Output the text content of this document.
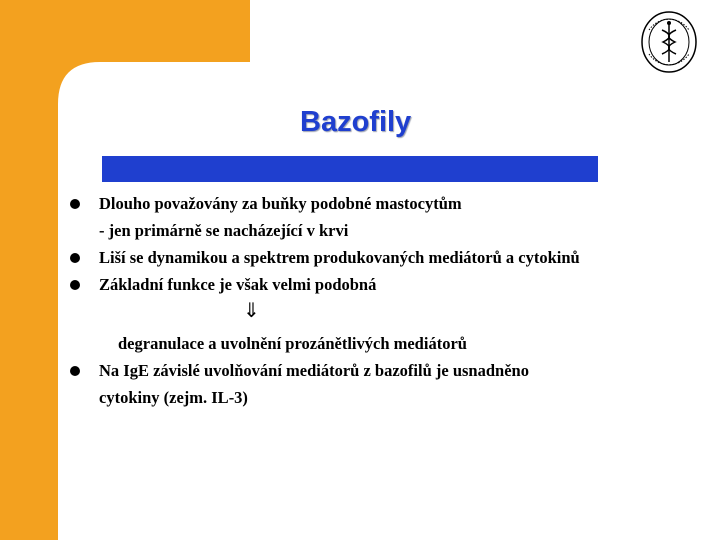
Bazofily
Dlouho považovány za buňky podobné mastocytům
- jen primárně se nacházející v krvi
Liší se dynamikou a spektrem produkovaných mediátorů a cytokinů
Základní funkce je však velmi podobná
⇓
degranulace a uvolnění prozánětlivých mediátorů
Na IgE závislé uvolňování mediátorů z bazofilů je usnadněno
cytokiny (zejm. IL-3)
